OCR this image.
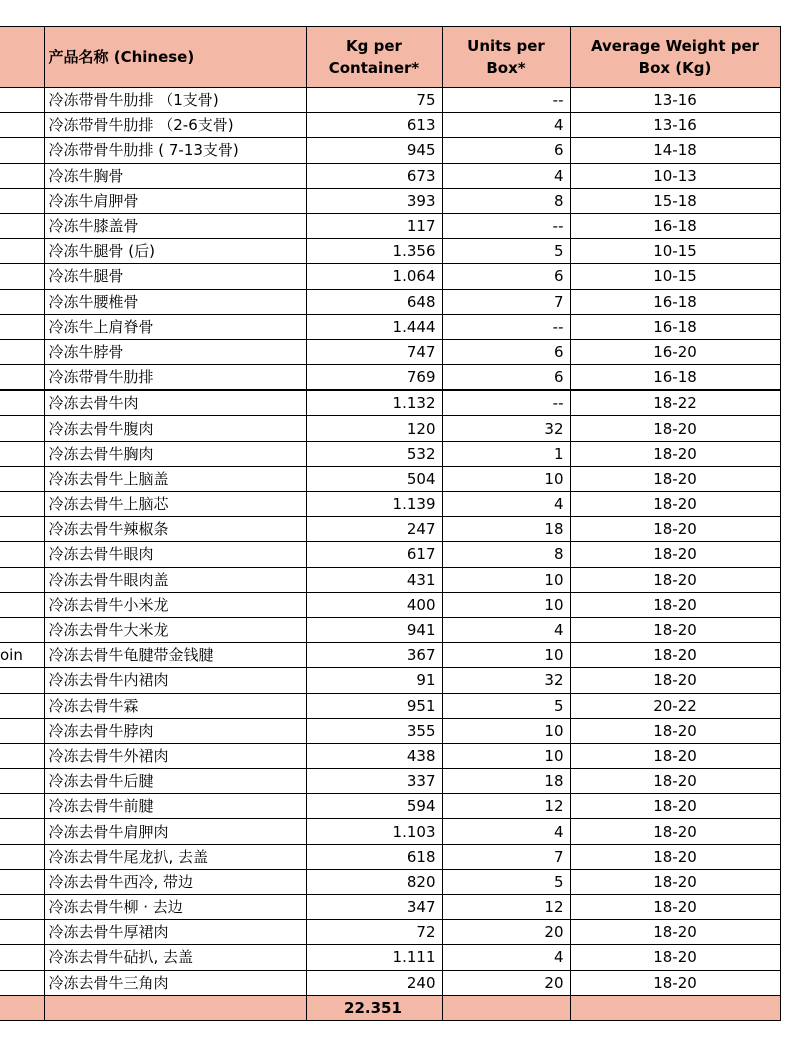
	产品名称 (Chinese)	Kg per Container*	Units per Box*	Average Weight per Box (Kg)
	冷冻带骨牛肋排 （1支骨)	75	--	13-16
	冷冻带骨牛肋排 （2-6支骨)	613	4	13-16
	冷冻带骨牛肋排 ( 7-13支骨)	945	6	14-18
	冷冻牛胸骨	673	4	10-13
	冷冻牛肩胛骨	393	8	15-18
	冷冻牛膝盖骨	117	--	16-18
	冷冻牛腿骨 (后)	1.356	5	10-15
	冷冻牛腿骨	1.064	6	10-15
	冷冻牛腰椎骨	648	7	16-18
	冷冻牛上肩脊骨	1.444	--	16-18
	冷冻牛脖骨	747	6	16-20
	冷冻带骨牛肋排	769	6	16-18
	冷冻去骨牛肉	1.132	--	18-22
	冷冻去骨牛腹肉	120	32	18-20
	冷冻去骨牛胸肉	532	1	18-20
	冷冻去骨牛上脑盖	504	10	18-20
	冷冻去骨牛上脑芯	1.139	4	18-20
	冷冻去骨牛辣椒条	247	18	18-20
	冷冻去骨牛眼肉	617	8	18-20
	冷冻去骨牛眼肉盖	431	10	18-20
	冷冻去骨牛小米龙	400	10	18-20
	冷冻去骨牛大米龙	941	4	18-20
oin	冷冻去骨牛龟腱带金钱腱	367	10	18-20
	冷冻去骨牛内裙肉	91	32	18-20
	冷冻去骨牛霖	951	5	20-22
	冷冻去骨牛脖肉	355	10	18-20
	冷冻去骨牛外裙肉	438	10	18-20
	冷冻去骨牛后腱	337	18	18-20
	冷冻去骨牛前腱	594	12	18-20
	冷冻去骨牛肩胛肉	1.103	4	18-20
	冷冻去骨牛尾龙扒, 去盖	618	7	18-20
	冷冻去骨牛西冷, 带边	820	5	18-20
	冷冻去骨牛柳 · 去边	347	12	18-20
	冷冻去骨牛厚裙肉	72	20	18-20
	冷冻去骨牛砧扒, 去盖	1.111	4	18-20
	冷冻去骨牛三角肉	240	20	18-20
		22.351		
